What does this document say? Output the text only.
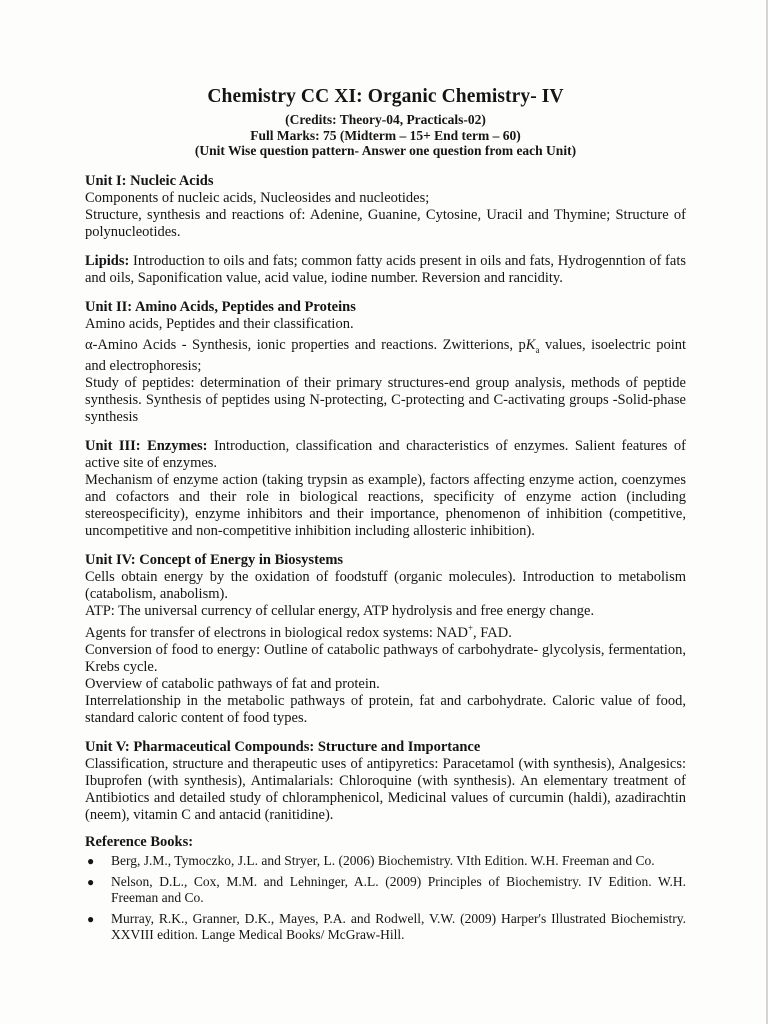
Chemistry CC XI: Organic Chemistry- IV
(Credits: Theory-04, Practicals-02)
Full Marks: 75 (Midterm – 15+ End term – 60)
(Unit Wise question pattern- Answer one question from each Unit)
Unit I: Nucleic Acids
Components of nucleic acids, Nucleosides and nucleotides;
Structure, synthesis and reactions of: Adenine, Guanine, Cytosine, Uracil and Thymine; Structure of polynucleotides.
Lipids: Introduction to oils and fats; common fatty acids present in oils and fats, Hydrogenntion of fats and oils, Saponification value, acid value, iodine number. Reversion and rancidity.
Unit II: Amino Acids, Peptides and Proteins
Amino acids, Peptides and their classification.
α-Amino Acids - Synthesis, ionic properties and reactions. Zwitterions, $pK_a$ values, isoelectric point and electrophoresis;
Study of peptides: determination of their primary structures-end group analysis, methods of peptide synthesis. Synthesis of peptides using N-protecting, C-protecting and C-activating groups -Solid-phase synthesis
Unit III: Enzymes: Introduction, classification and characteristics of enzymes. Salient features of active site of enzymes.
Mechanism of enzyme action (taking trypsin as example), factors affecting enzyme action, coenzymes and cofactors and their role in biological reactions, specificity of enzyme action (including stereospecificity), enzyme inhibitors and their importance, phenomenon of inhibition (competitive, uncompetitive and non-competitive inhibition including allosteric inhibition).
Unit IV: Concept of Energy in Biosystems
Cells obtain energy by the oxidation of foodstuff (organic molecules). Introduction to metabolism (catabolism, anabolism).
ATP: The universal currency of cellular energy, ATP hydrolysis and free energy change.
Agents for transfer of electrons in biological redox systems: NAD+, FAD.
Conversion of food to energy: Outline of catabolic pathways of carbohydrate- glycolysis, fermentation, Krebs cycle.
Overview of catabolic pathways of fat and protein.
Interrelationship in the metabolic pathways of protein, fat and carbohydrate. Caloric value of food, standard caloric content of food types.
Unit V: Pharmaceutical Compounds: Structure and Importance
Classification, structure and therapeutic uses of antipyretics: Paracetamol (with synthesis), Analgesics: Ibuprofen (with synthesis), Antimalarials: Chloroquine (with synthesis). An elementary treatment of Antibiotics and detailed study of chloramphenicol, Medicinal values of curcumin (haldi), azadirachtin (neem), vitamin C and antacid (ranitidine).
Reference Books:
● Berg, J.M., Tymoczko, J.L. and Stryer, L. (2006) Biochemistry. VIth Edition. W.H. Freeman and Co.
● Nelson, D.L., Cox, M.M. and Lehninger, A.L. (2009) Principles of Biochemistry. IV Edition. W.H. Freeman and Co.
● Murray, R.K., Granner, D.K., Mayes, P.A. and Rodwell, V.W. (2009) Harper's Illustrated Biochemistry. XXVIII edition. Lange Medical Books/ McGraw-Hill.
